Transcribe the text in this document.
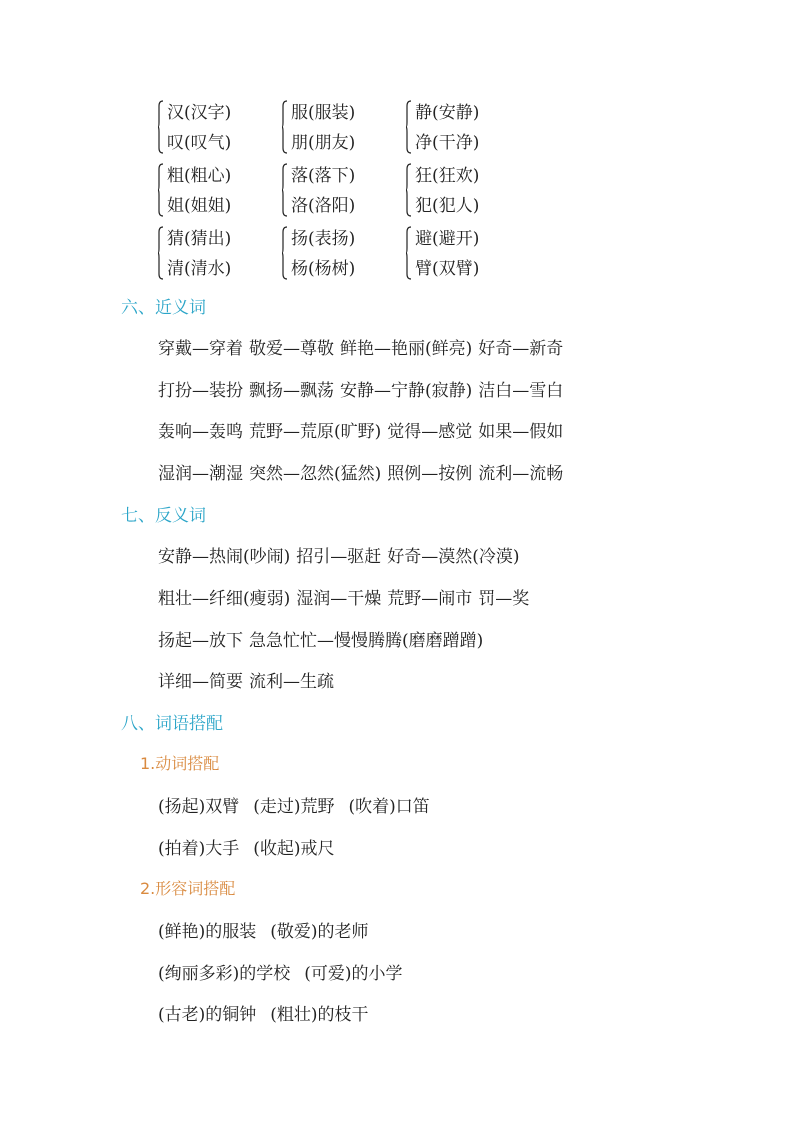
汉(汉字)
叹(叹气)
服(服装)
朋(朋友)
静(安静)
净(干净)
粗(粗心)
姐(姐姐)
落(落下)
洛(洛阳)
狂(狂欢)
犯(犯人)
猜(猜出)
清(清水)
扬(表扬)
杨(杨树)
避(避开)
臂(双臂)
六、近义词
穿戴—穿着 敬爱—尊敬 鲜艳—艳丽(鲜亮) 好奇—新奇
打扮—装扮 飘扬—飘荡 安静—宁静(寂静) 洁白—雪白
轰响—轰鸣 荒野—荒原(旷野) 觉得—感觉 如果—假如
湿润—潮湿 突然—忽然(猛然) 照例—按例 流利—流畅
七、反义词
安静—热闹(吵闹) 招引—驱赶 好奇—漠然(冷漠)
粗壮—纤细(瘦弱) 湿润—干燥 荒野—闹市 罚—奖
扬起—放下 急急忙忙—慢慢腾腾(磨磨蹭蹭)
详细—简要 流利—生疏
八、词语搭配
1.动词搭配
(扬起)双臂 (走过)荒野 (吹着)口笛
(拍着)大手 (收起)戒尺
2.形容词搭配
(鲜艳)的服装 (敬爱)的老师
(绚丽多彩)的学校 (可爱)的小学
(古老)的铜钟 (粗壮)的枝干
